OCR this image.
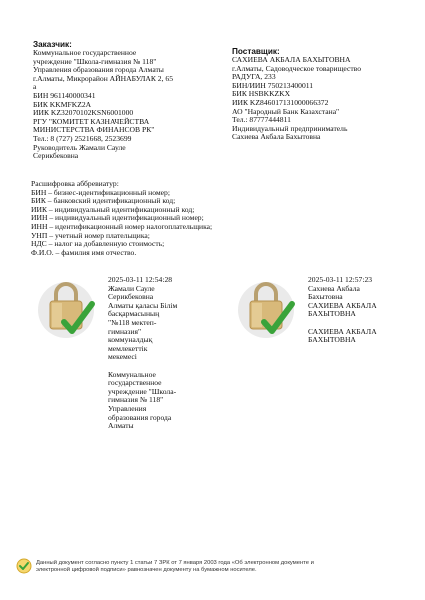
Заказчик:
Коммунальное государственное
учреждение "Школа-гимназия № 118"
Управления образования города Алматы
г.Алматы, Микрорайон АЙНАБУЛАК 2, 65
а
БИН 961140000341
БИК KKMFKZ2A
ИИК KZ32070102KSN6001000
РГУ "КОМИТЕТ КАЗНАЧЕЙСТВА
МИНИСТЕРСТВА ФИНАНСОВ РК"
Тел.: 8 (727) 2521668, 2523699
Руководитель Жамали Сауле
Серикбековна
Поставщик:
САХИЕВА АКБАЛА БАХЫТОВНА
г.Алматы, Садоводческое товарищество
РАДУГА, 233
БИН/ИИН 750213400011
БИК HSBKKZKX
ИИК KZ846017131000066372
АО "Народный Банк Казахстана"
Тел.: 87777444811
Индивидуальный предприниматель
Сахиева Акбала Бахытовна
Расшифровка аббревиатур:
БИН – бизнес-идентификационный номер;
БИК – банковский идентификационный код;
ИИК – индивидуальный идентификационный код;
ИИН – индивидуальный идентификационный номер;
ИНН – идентификационный номер налогоплательщика;
УНП – учетный номер плательщика;
НДС – налог на добавленную стоимость;
Ф.И.О. – фамилия имя отчество.
2025-03-11 12:54:28
Жамали Сауле
Серикбековна
Алматы қаласы Білім
басқармасының
"№118 мектеп-
гимназия"
коммуналдық
мемлекеттік
мекемесі
Коммунальное
государственное
учреждение "Школа-
гимназия № 118"
Управления
образования города
Алматы
2025-03-11 12:57:23
Сахиева Акбала
Бахытовна
САХИЕВА АКБАЛА
БАХЫТОВНА
САХИЕВА АКБАЛА
БАХЫТОВНА
Данный документ согласно пункту 1 статьи 7 ЗРК от 7 января 2003 года «Об электронном документе и
электронной цифровой подписи» равнозначен документу на бумажном носителе.
